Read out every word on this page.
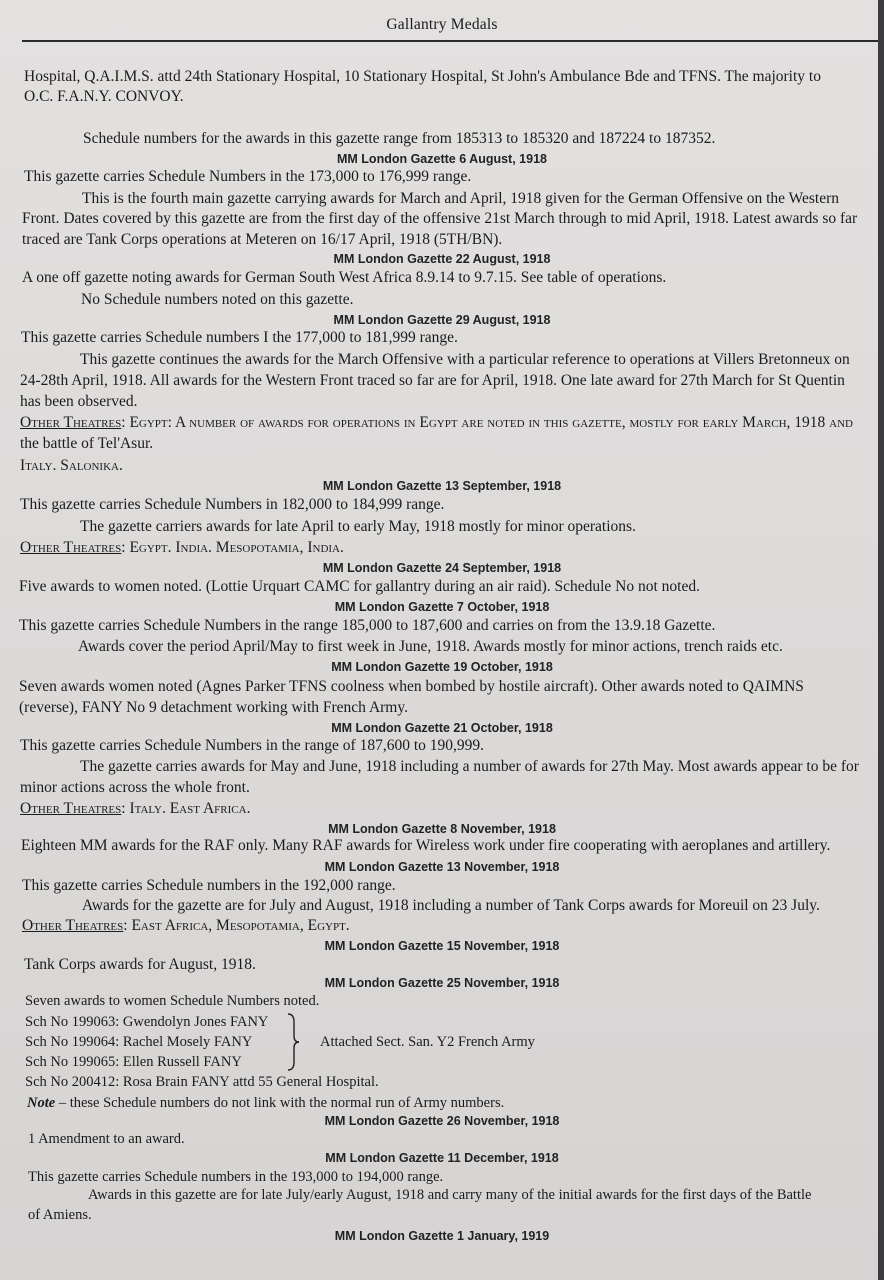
Gallantry Medals
Hospital, Q.A.I.M.S. attd 24th Stationary Hospital, 10 Stationary Hospital, St John's Ambulance Bde and TFNS. The majority to
O.C. F.A.N.Y. CONVOY.
Schedule numbers for the awards in this gazette range from 185313 to 185320 and 187224 to 187352.
MM London Gazette 6 August, 1918
This gazette carries Schedule Numbers in the 173,000 to 176,999 range.
This is the fourth main gazette carrying awards for March and April, 1918 given for the German Offensive on the Western
Front. Dates covered by this gazette are from the first day of the offensive 21st March through to mid April, 1918. Latest awards so far
traced are Tank Corps operations at Meteren on 16/17 April, 1918 (5TH/BN).
MM London Gazette 22 August, 1918
A one off gazette noting awards for German South West Africa 8.9.14 to 9.7.15. See table of operations.
No Schedule numbers noted on this gazette.
MM London Gazette 29 August, 1918
This gazette carries Schedule numbers I the 177,000 to 181,999 range.
This gazette continues the awards for the March Offensive with a particular reference to operations at Villers Bretonneux on
24-28th April, 1918. All awards for the Western Front traced so far are for April, 1918. One late award for 27th March for St Quentin
has been observed.
Other Theatres: Egypt: A number of awards for operations in Egypt are noted in this gazette, mostly for early March, 1918 and
the battle of Tel'Asur.
Italy. Salonika.
MM London Gazette 13 September, 1918
This gazette carries Schedule Numbers in 182,000 to 184,999 range.
The gazette carriers awards for late April to early May, 1918 mostly for minor operations.
Other Theatres: Egypt. India. Mesopotamia, India.
MM London Gazette 24 September, 1918
Five awards to women noted. (Lottie Urquart CAMC for gallantry during an air raid). Schedule No not noted.
MM London Gazette 7 October, 1918
This gazette carries Schedule Numbers in the range 185,000 to 187,600 and carries on from the 13.9.18 Gazette.
Awards cover the period April/May to first week in June, 1918. Awards mostly for minor actions, trench raids etc.
MM London Gazette 19 October, 1918
Seven awards women noted (Agnes Parker TFNS coolness when bombed by hostile aircraft). Other awards noted to QAIMNS
(reverse), FANY No 9 detachment working with French Army.
MM London Gazette 21 October, 1918
This gazette carries Schedule Numbers in the range of 187,600 to 190,999.
The gazette carries awards for May and June, 1918 including a number of awards for 27th May. Most awards appear to be for
minor actions across the whole front.
Other Theatres: Italy. East Africa.
MM London Gazette 8 November, 1918
Eighteen MM awards for the RAF only. Many RAF awards for Wireless work under fire cooperating with aeroplanes and artillery.
MM London Gazette 13 November, 1918
This gazette carries Schedule numbers in the 192,000 range.
Awards for the gazette are for July and August, 1918 including a number of Tank Corps awards for Moreuil on 23 July.
Other Theatres: East Africa, Mesopotamia, Egypt.
MM London Gazette 15 November, 1918
Tank Corps awards for August, 1918.
MM London Gazette 25 November, 1918
Seven awards to women Schedule Numbers noted.
Sch No 199063: Gwendolyn Jones FANY
Sch No 199064: Rachel Mosely FANY	Attached Sect. San. Y2 French Army
Sch No 199065: Ellen Russell FANY
Sch No 200412: Rosa Brain FANY attd 55 General Hospital.
Note – these Schedule numbers do not link with the normal run of Army numbers.
MM London Gazette 26 November, 1918
1 Amendment to an award.
MM London Gazette 11 December, 1918
This gazette carries Schedule numbers in the 193,000 to 194,000 range.
Awards in this gazette are for late July/early August, 1918 and carry many of the initial awards for the first days of the Battle
of Amiens.
MM London Gazette 1 January, 1919
